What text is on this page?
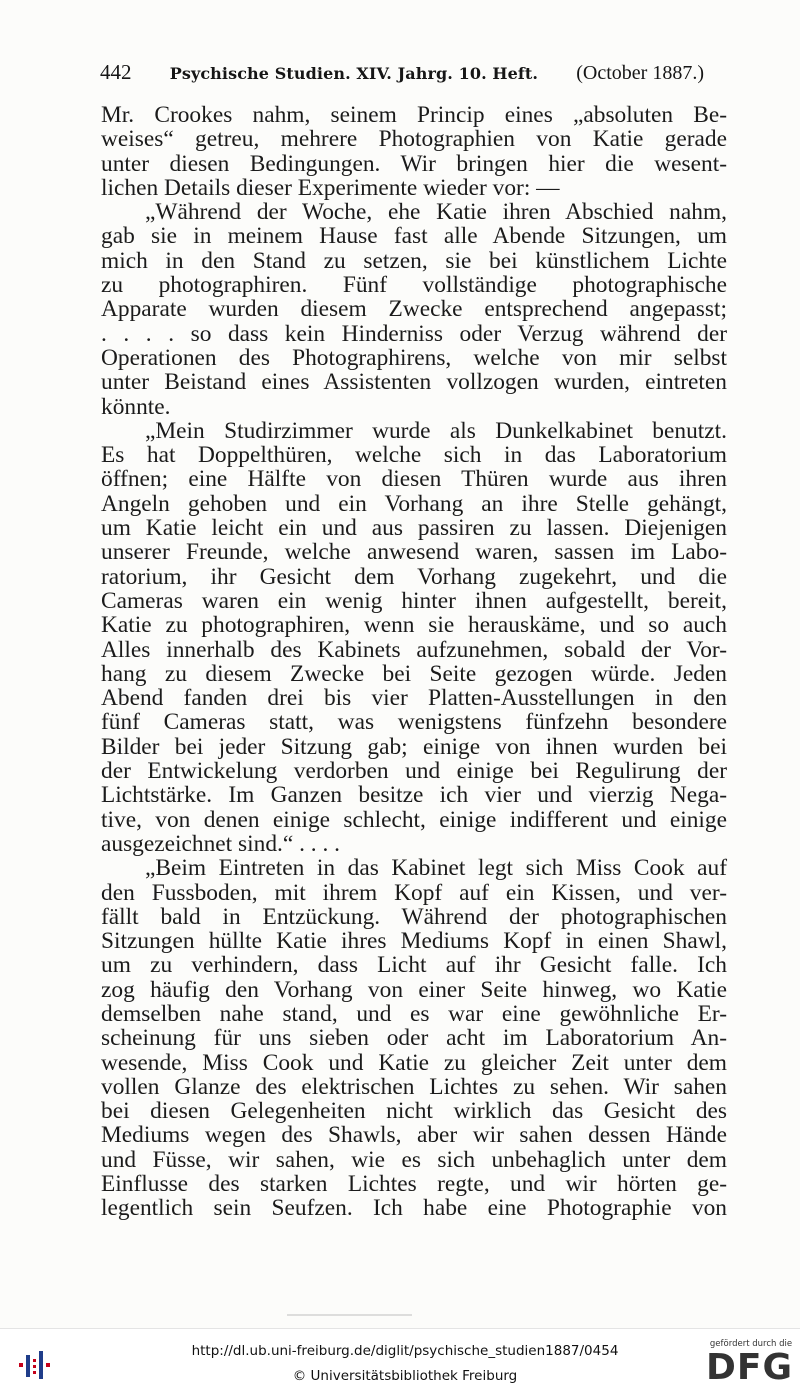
442 Psychische Studien. XIV. Jahrg. 10. Heft. (October 1887.)
Mr. Crookes nahm, seinem Princip eines „absoluten Be-
weises“ getreu, mehrere Photographien von Katie gerade
unter diesen Bedingungen. Wir bringen hier die wesent-
lichen Details dieser Experimente wieder vor: —
„Während der Woche, ehe Katie ihren Abschied nahm,
gab sie in meinem Hause fast alle Abende Sitzungen, um
mich in den Stand zu setzen, sie bei künstlichem Lichte
zu photographiren. Fünf vollständige photographische
Apparate wurden diesem Zwecke entsprechend angepasst;
. . . . so dass kein Hinderniss oder Verzug während der
Operationen des Photographirens, welche von mir selbst
unter Beistand eines Assistenten vollzogen wurden, eintreten
könnte.
„Mein Studirzimmer wurde als Dunkelkabinet benutzt.
Es hat Doppelthüren, welche sich in das Laboratorium
öffnen; eine Hälfte von diesen Thüren wurde aus ihren
Angeln gehoben und ein Vorhang an ihre Stelle gehängt,
um Katie leicht ein und aus passiren zu lassen. Diejenigen
unserer Freunde, welche anwesend waren, sassen im Labo-
ratorium, ihr Gesicht dem Vorhang zugekehrt, und die
Cameras waren ein wenig hinter ihnen aufgestellt, bereit,
Katie zu photographiren, wenn sie herauskäme, und so auch
Alles innerhalb des Kabinets aufzunehmen, sobald der Vor-
hang zu diesem Zwecke bei Seite gezogen würde. Jeden
Abend fanden drei bis vier Platten-Ausstellungen in den
fünf Cameras statt, was wenigstens fünfzehn besondere
Bilder bei jeder Sitzung gab; einige von ihnen wurden bei
der Entwickelung verdorben und einige bei Regulirung der
Lichtstärke. Im Ganzen besitze ich vier und vierzig Nega-
tive, von denen einige schlecht, einige indifferent und einige
ausgezeichnet sind.“ . . . .
„Beim Eintreten in das Kabinet legt sich Miss Cook auf
den Fussboden, mit ihrem Kopf auf ein Kissen, und ver-
fällt bald in Entzückung. Während der photographischen
Sitzungen hüllte Katie ihres Mediums Kopf in einen Shawl,
um zu verhindern, dass Licht auf ihr Gesicht falle. Ich
zog häufig den Vorhang von einer Seite hinweg, wo Katie
demselben nahe stand, und es war eine gewöhnliche Er-
scheinung für uns sieben oder acht im Laboratorium An-
wesende, Miss Cook und Katie zu gleicher Zeit unter dem
vollen Glanze des elektrischen Lichtes zu sehen. Wir sahen
bei diesen Gelegenheiten nicht wirklich das Gesicht des
Mediums wegen des Shawls, aber wir sahen dessen Hände
und Füsse, wir sahen, wie es sich unbehaglich unter dem
Einflusse des starken Lichtes regte, und wir hörten ge-
legentlich sein Seufzen. Ich habe eine Photographie von
http://dl.ub.uni-freiburg.de/diglit/psychische_studien1887/0454
© Universitätsbibliothek Freiburg
gefördert durch die
DFG
